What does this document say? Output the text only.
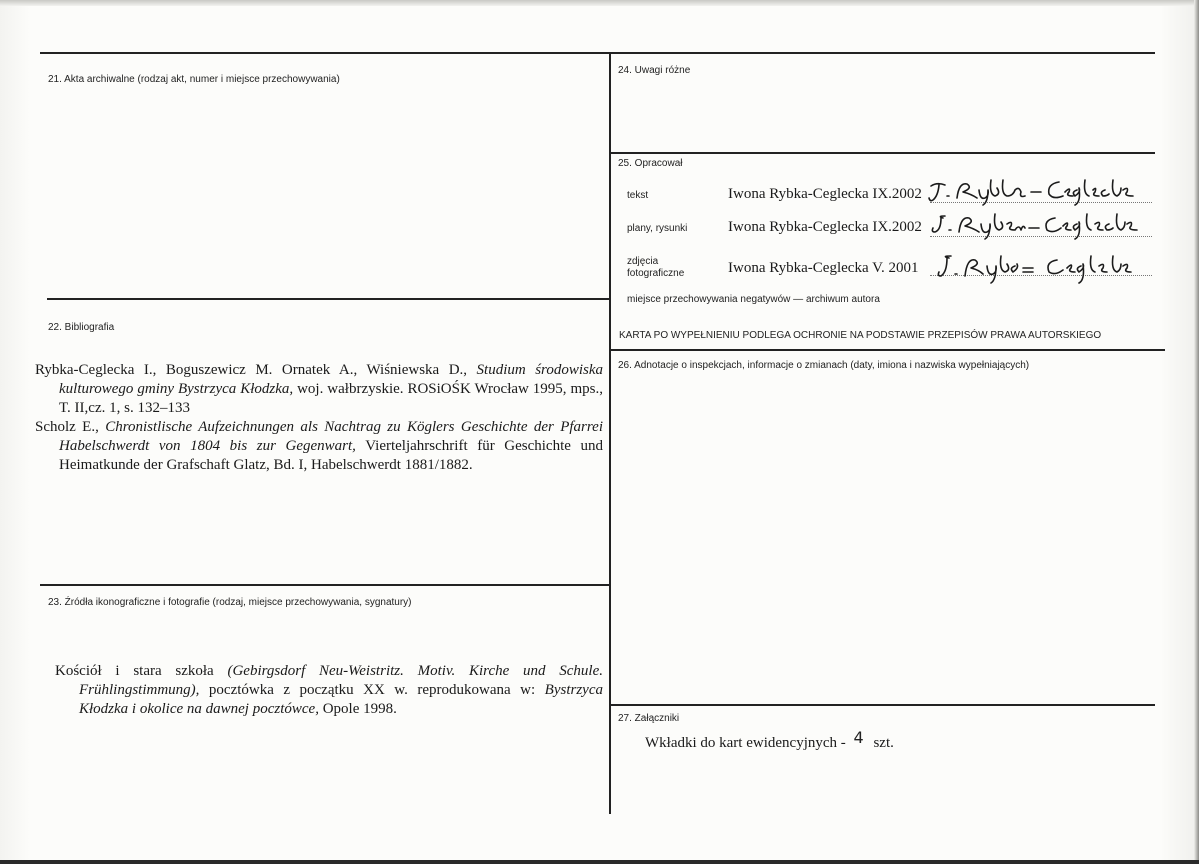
21. Akta archiwalne (rodzaj akt, numer i miejsce przechowywania)
22. Bibliografia

Rybka-Ceglecka I., Boguszewicz M. Ornatek A., Wiśniewska D., Studium środowiska kulturowego gminy Bystrzyca Kłodzka, woj. wałbrzyskie. ROSiOŚK Wrocław 1995, mps., T. II,cz. 1, s. 132–133

Scholz E., Chronistlische Aufzeichnungen als Nachtrag zu Köglers Geschichte der Pfarrei Habelschwerdt von 1804 bis zur Gegenwart, Vierteljahrschrift für Geschichte und Heimatkunde der Grafschaft Glatz, Bd. I, Habelschwerdt 1881/1882.

23. Źródła ikonograficzne i fotografie (rodzaj, miejsce przechowywania, sygnatury)

Kościół i stara szkoła (Gebirgsdorf Neu-Weistritz. Motiv. Kirche und Schule. Frühlingstimmung), pocztówka z początku XX w. reprodukowana w: Bystrzyca Kłodzka i okolice na dawnej pocztówce, Opole 1998.

24. Uwagi różne
25. Opracował
tekst	Iwona Rybka-Ceglecka IX.2002
plany, rysunki	Iwona Rybka-Ceglecka IX.2002
zdjęcia
fotograficzne	Iwona Rybka-Ceglecka V. 2001
miejsce przechowywania negatywów — archiwum autora
KARTA PO WYPEŁNIENIU PODLEGA OCHRONIE NA PODSTAWIE PRZEPISÓW PRAWA AUTORSKIEGO
26. Adnotacje o inspekcjach, informacje o zmianach (daty, imiona i nazwiska wypełniających)
27. Załączniki
Wkładki do kart ewidencyjnych - 4 szt.
